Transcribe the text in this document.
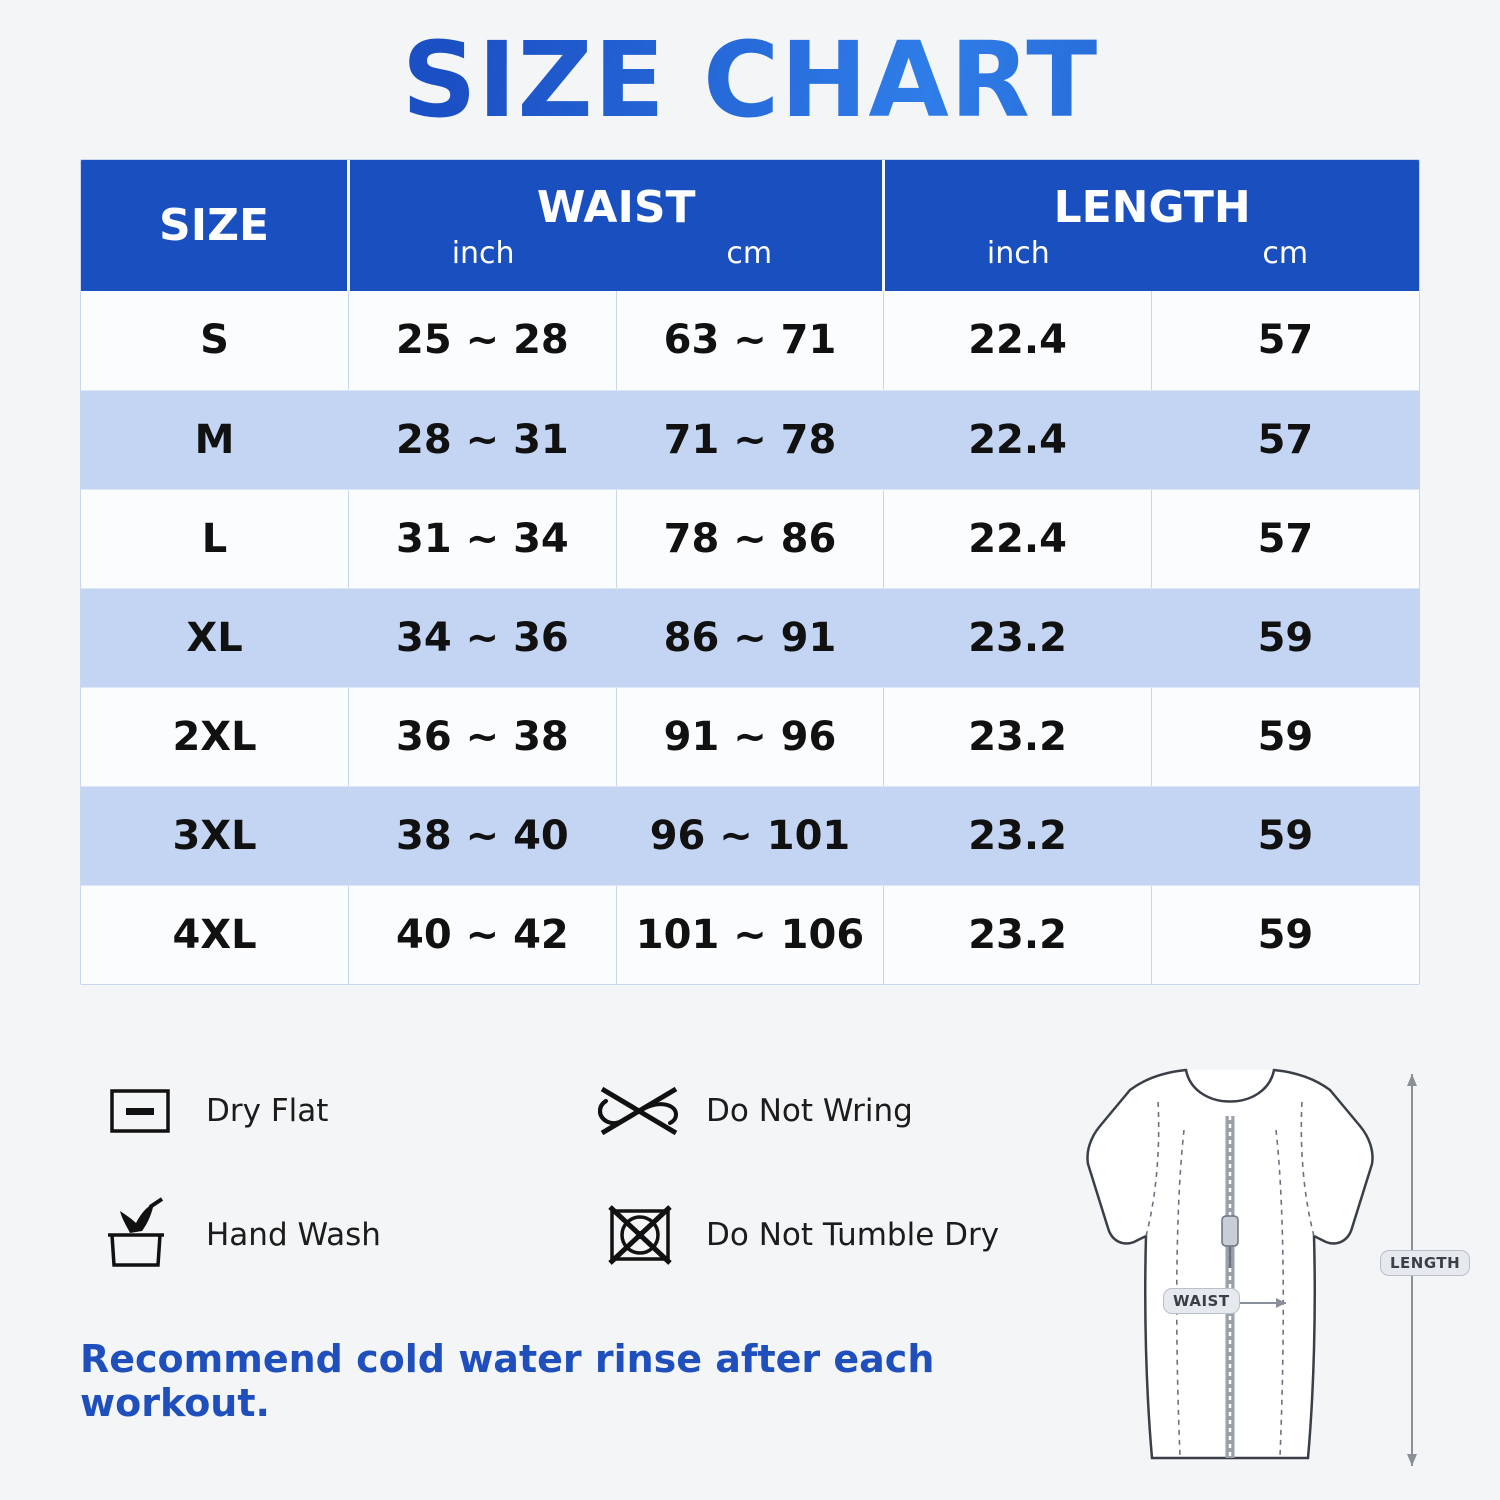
SIZE CHART
SIZE	WAIST		LENGTH	
	inch	cm	inch	cm
S	25 ~ 28	63 ~ 71	22.4	57
M	28 ~ 31	71 ~ 78	22.4	57
L	31 ~ 34	78 ~ 86	22.4	57
XL	34 ~ 36	86 ~ 91	23.2	59
2XL	36 ~ 38	91 ~ 96	23.2	59
3XL	38 ~ 40	96 ~ 101	23.2	59
4XL	40 ~ 42	101 ~ 106	23.2	59
Dry Flat	Do Not Wring
Hand Wash	Do Not Tumble Dry
Recommend cold water rinse after each workout.
WAIST
LENGTH
